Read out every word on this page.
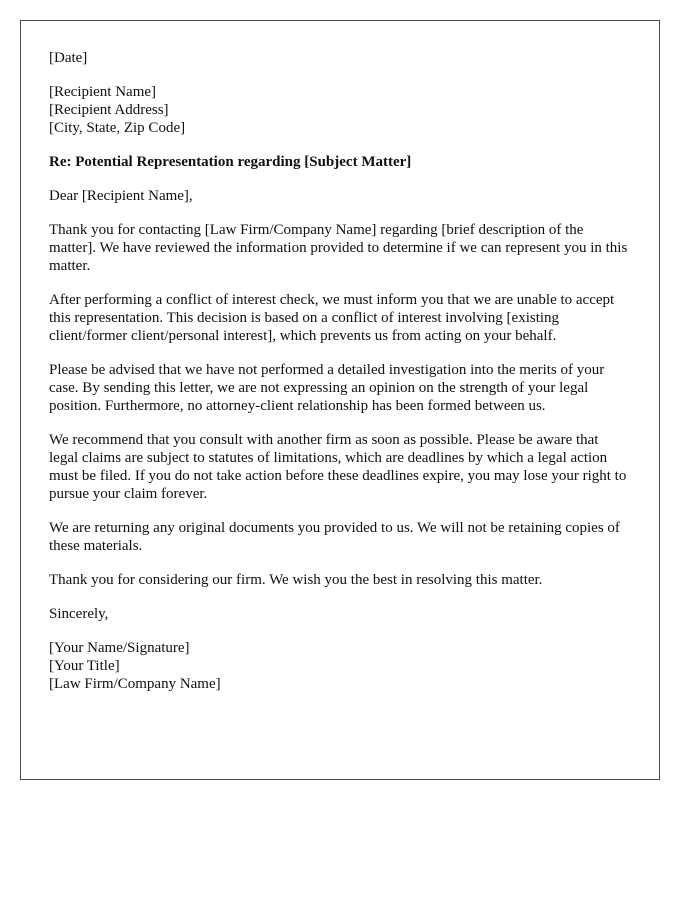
[Date]
[Recipient Name]
[Recipient Address]
[City, State, Zip Code]
Re: Potential Representation regarding [Subject Matter]
Dear [Recipient Name],

Thank you for contacting [Law Firm/Company Name] regarding [brief description of the matter]. We have reviewed the information provided to determine if we can represent you in this matter.

After performing a conflict of interest check, we must inform you that we are unable to accept this representation. This decision is based on a conflict of interest involving [existing client/former client/personal interest], which prevents us from acting on your behalf.

Please be advised that we have not performed a detailed investigation into the merits of your case. By sending this letter, we are not expressing an opinion on the strength of your legal position. Furthermore, no attorney-client relationship has been formed between us.

We recommend that you consult with another firm as soon as possible. Please be aware that legal claims are subject to statutes of limitations, which are deadlines by which a legal action must be filed. If you do not take action before these deadlines expire, you may lose your right to pursue your claim forever.

We are returning any original documents you provided to us. We will not be retaining copies of these materials.

Thank you for considering our firm. We wish you the best in resolving this matter.

Sincerely,
[Your Name/Signature]
[Your Title]
[Law Firm/Company Name]
